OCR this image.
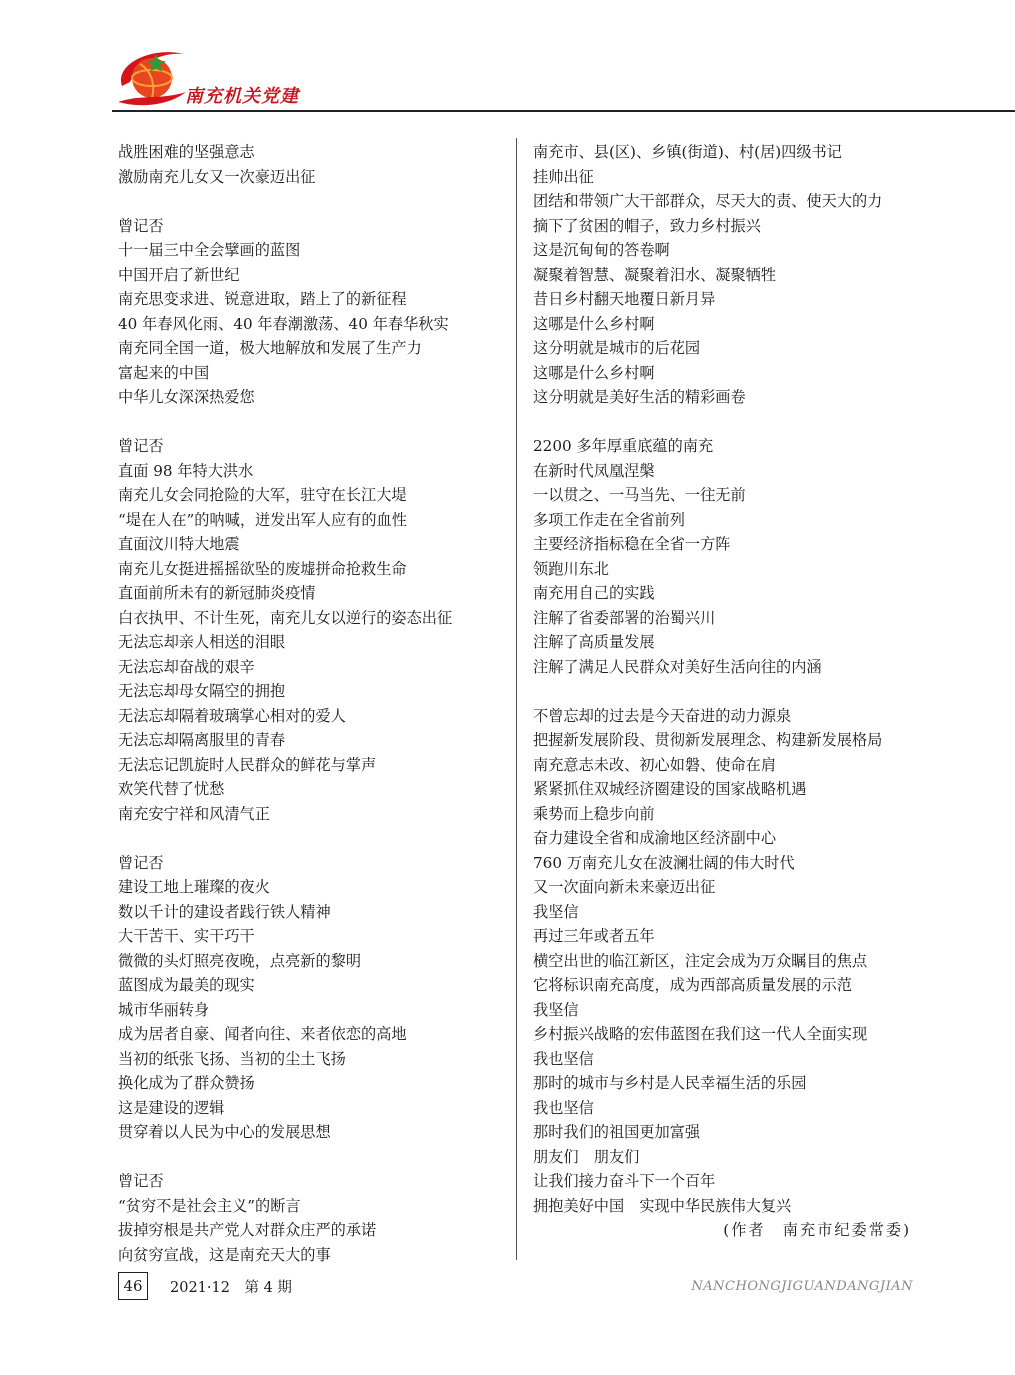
南充机关党建
战胜困难的坚强意志
激励南充儿女又一次豪迈出征
曾记否
十一届三中全会擘画的蓝图
中国开启了新世纪
南充思变求进、锐意进取，踏上了的新征程
40 年春风化雨、40 年春潮激荡、40 年春华秋实
南充同全国一道，极大地解放和发展了生产力
富起来的中国
中华儿女深深热爱您
曾记否
直面 98 年特大洪水
南充儿女会同抢险的大军，驻守在长江大堤
“堤在人在”的呐喊，迸发出军人应有的血性
直面汶川特大地震
南充儿女挺进摇摇欲坠的废墟拼命抢救生命
直面前所未有的新冠肺炎疫情
白衣执甲、不计生死，南充儿女以逆行的姿态出征
无法忘却亲人相送的泪眼
无法忘却奋战的艰辛
无法忘却母女隔空的拥抱
无法忘却隔着玻璃掌心相对的爱人
无法忘却隔离服里的青春
无法忘记凯旋时人民群众的鲜花与掌声
欢笑代替了忧愁
南充安宁祥和风清气正
曾记否
建设工地上璀璨的夜火
数以千计的建设者践行铁人精神
大干苦干、实干巧干
微微的头灯照亮夜晚，点亮新的黎明
蓝图成为最美的现实
城市华丽转身
成为居者自豪、闻者向往、来者依恋的高地
当初的纸张飞扬、当初的尘土飞扬
换化成为了群众赞扬
这是建设的逻辑
贯穿着以人民为中心的发展思想
曾记否
“贫穷不是社会主义”的断言
拔掉穷根是共产党人对群众庄严的承诺
向贫穷宣战，这是南充天大的事
南充市、县(区)、乡镇(街道)、村(居)四级书记
挂帅出征
团结和带领广大干部群众，尽天大的责、使天大的力
摘下了贫困的帽子，致力乡村振兴
这是沉甸甸的答卷啊
凝聚着智慧、凝聚着汨水、凝聚牺牲
昔日乡村翻天地覆日新月异
这哪是什么乡村啊
这分明就是城市的后花园
这哪是什么乡村啊
这分明就是美好生活的精彩画卷
2200 多年厚重底蕴的南充
在新时代凤凰涅槃
一以贯之、一马当先、一往无前
多项工作走在全省前列
主要经济指标稳在全省一方阵
领跑川东北
南充用自己的实践
注解了省委部署的治蜀兴川
注解了高质量发展
注解了满足人民群众对美好生活向往的内涵
不曾忘却的过去是今天奋进的动力源泉
把握新发展阶段、贯彻新发展理念、构建新发展格局
南充意志未改、初心如磐、使命在肩
紧紧抓住双城经济圈建设的国家战略机遇
乘势而上稳步向前
奋力建设全省和成渝地区经济副中心
760 万南充儿女在波澜壮阔的伟大时代
又一次面向新未来豪迈出征
我坚信
再过三年或者五年
横空出世的临江新区，注定会成为万众瞩目的焦点
它将标识南充高度，成为西部高质量发展的示范
我坚信
乡村振兴战略的宏伟蓝图在我们这一代人全面实现
我也坚信
那时的城市与乡村是人民幸福生活的乐园
我也坚信
那时我们的祖国更加富强
朋友们　朋友们
让我们接力奋斗下一个百年
拥抱美好中国　实现中华民族伟大复兴
(作者　南充市纪委常委)
46	2021·12　第 4 期	NANCHONGJIGUANDANGJIAN
